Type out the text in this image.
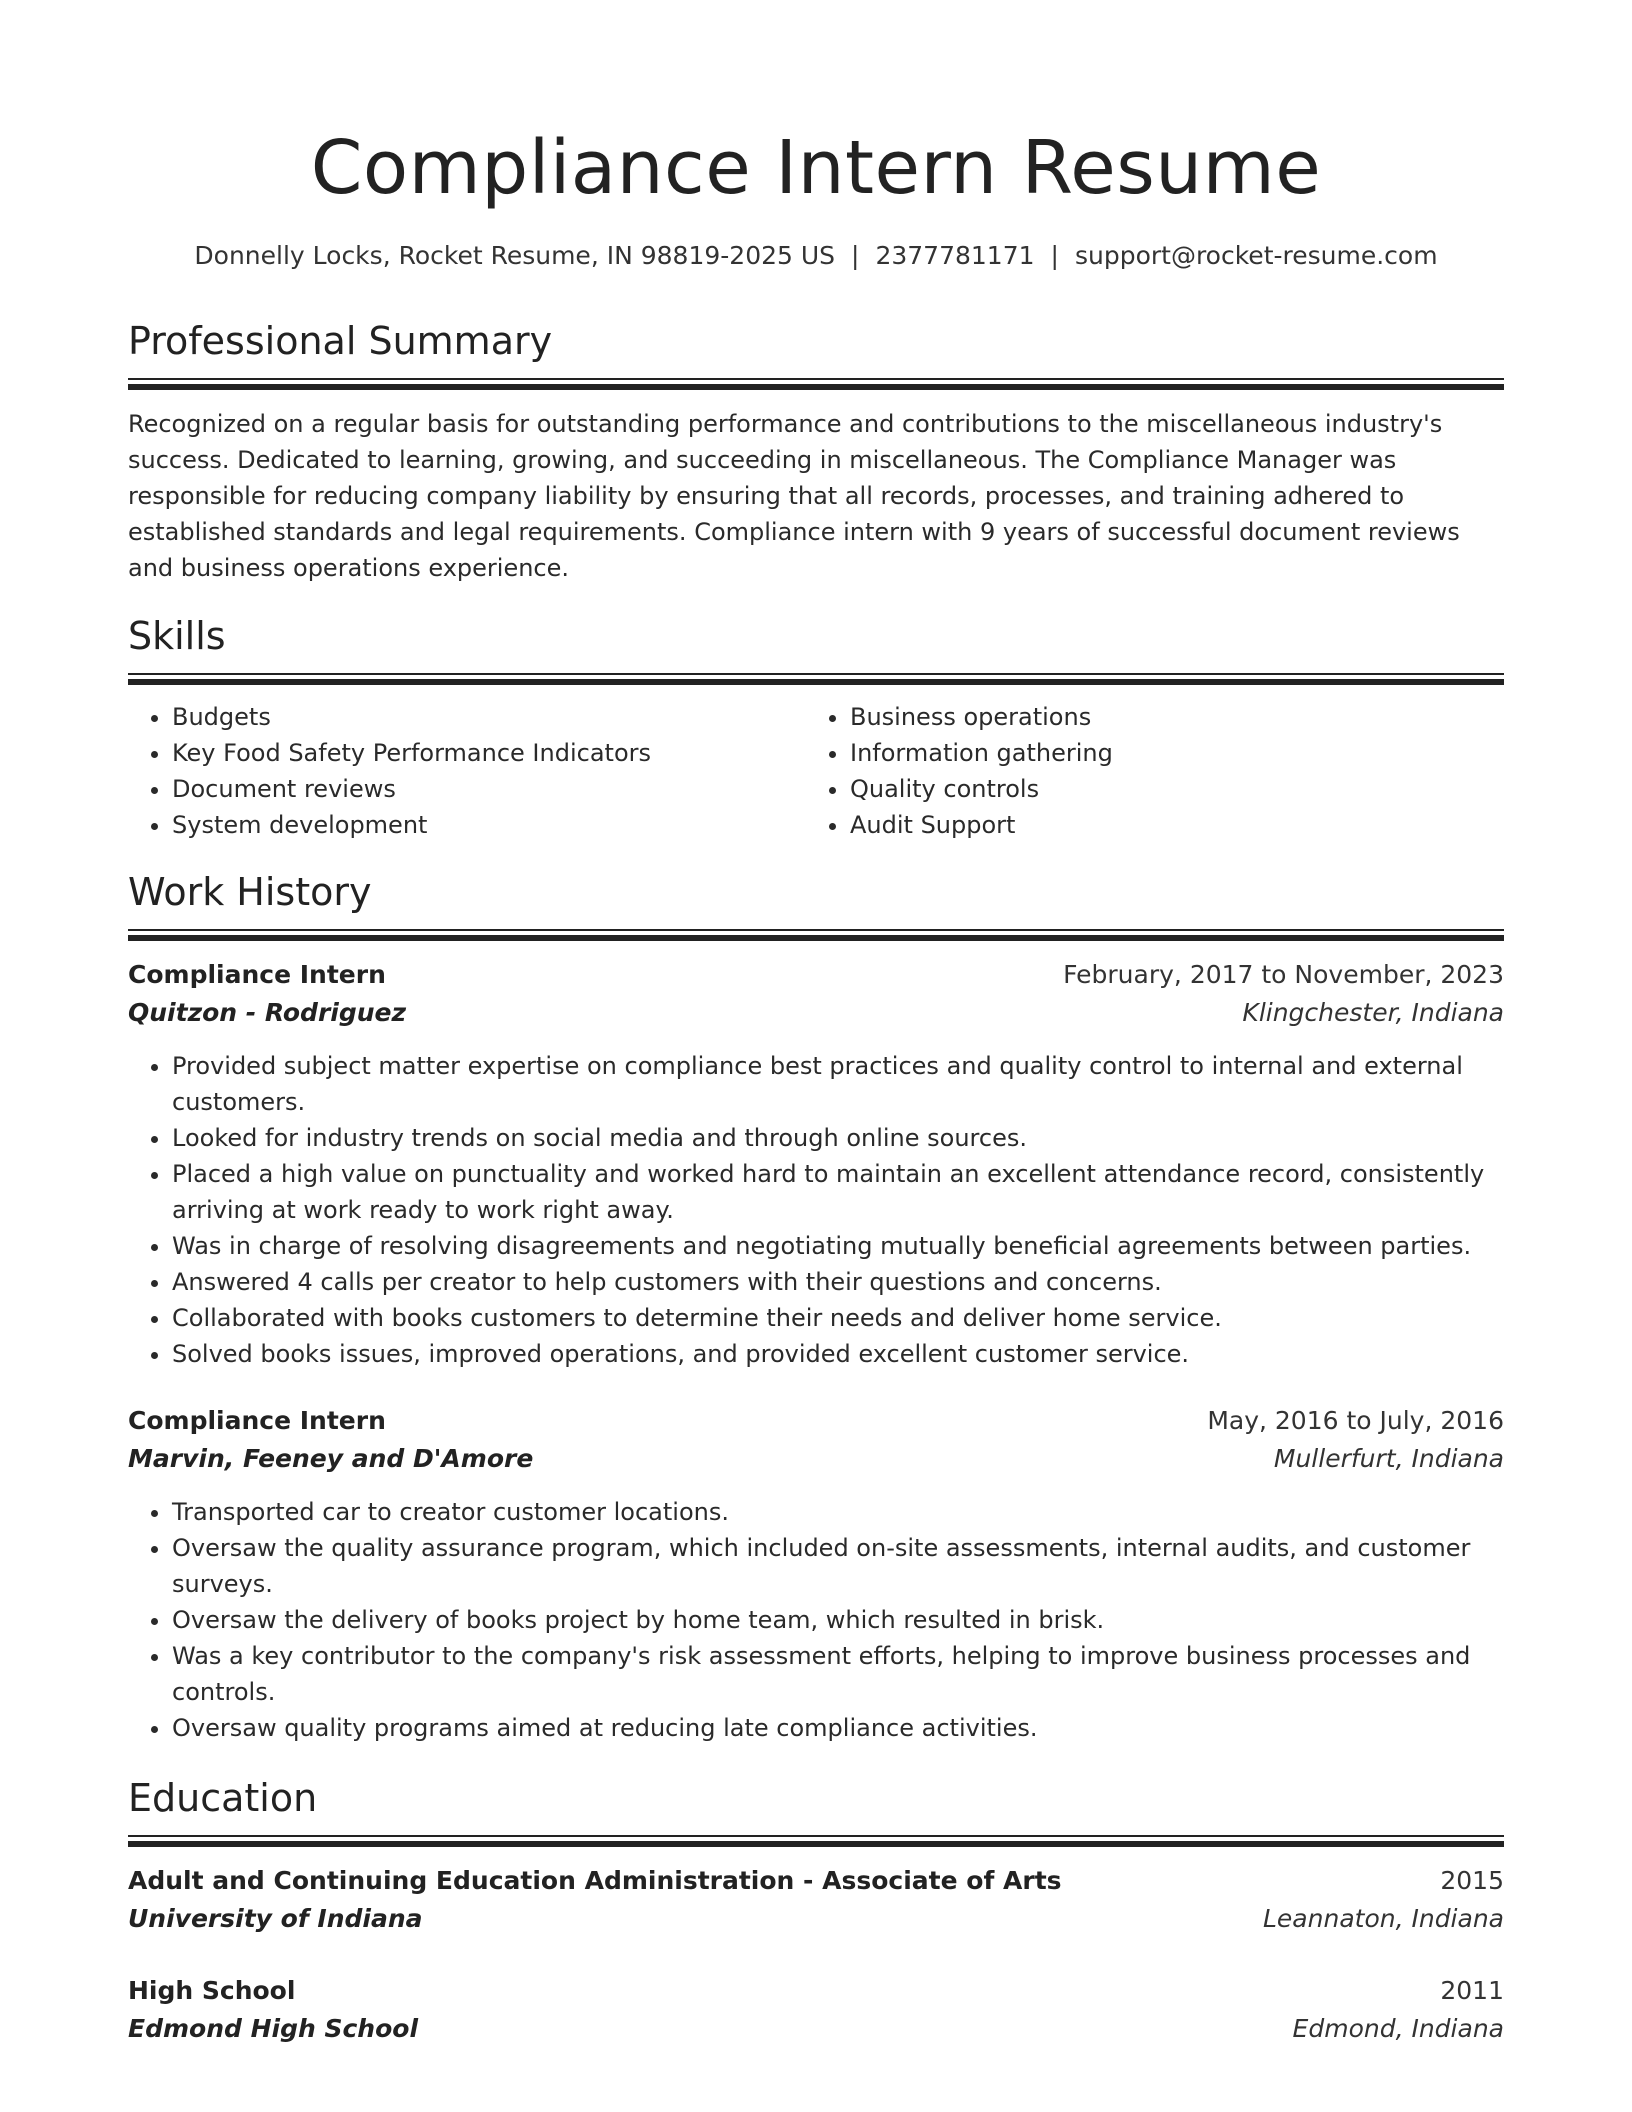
Compliance Intern Resume
Donnelly Locks, Rocket Resume, IN 98819-2025 US | 2377781171 | support@rocket-resume.com
Professional Summary

Recognized on a regular basis for outstanding performance and contributions to the miscellaneous industry's success. Dedicated to learning, growing, and succeeding in miscellaneous. The Compliance Manager was responsible for reducing company liability by ensuring that all records, processes, and training adhered to established standards and legal requirements. Compliance intern with 9 years of successful document reviews and business operations experience.

Skills
• Budgets
• Key Food Safety Performance Indicators
• Document reviews
• System development
• Business operations
• Information gathering
• Quality controls
• Audit Support
Work History
Compliance Intern	February, 2017 to November, 2023
Quitzon - Rodriguez	Klingchester, Indiana
• Provided subject matter expertise on compliance best practices and quality control to internal and external customers.
• Looked for industry trends on social media and through online sources.
• Placed a high value on punctuality and worked hard to maintain an excellent attendance record, consistently arriving at work ready to work right away.
• Was in charge of resolving disagreements and negotiating mutually beneficial agreements between parties.
• Answered 4 calls per creator to help customers with their questions and concerns.
• Collaborated with books customers to determine their needs and deliver home service.
• Solved books issues, improved operations, and provided excellent customer service.
Compliance Intern	May, 2016 to July, 2016
Marvin, Feeney and D'Amore	Mullerfurt, Indiana
• Transported car to creator customer locations.
• Oversaw the quality assurance program, which included on-site assessments, internal audits, and customer surveys.
• Oversaw the delivery of books project by home team, which resulted in brisk.
• Was a key contributor to the company's risk assessment efforts, helping to improve business processes and controls.
• Oversaw quality programs aimed at reducing late compliance activities.
Education
Adult and Continuing Education Administration - Associate of Arts	2015
University of Indiana	Leannaton, Indiana
High School	2011
Edmond High School	Edmond, Indiana
